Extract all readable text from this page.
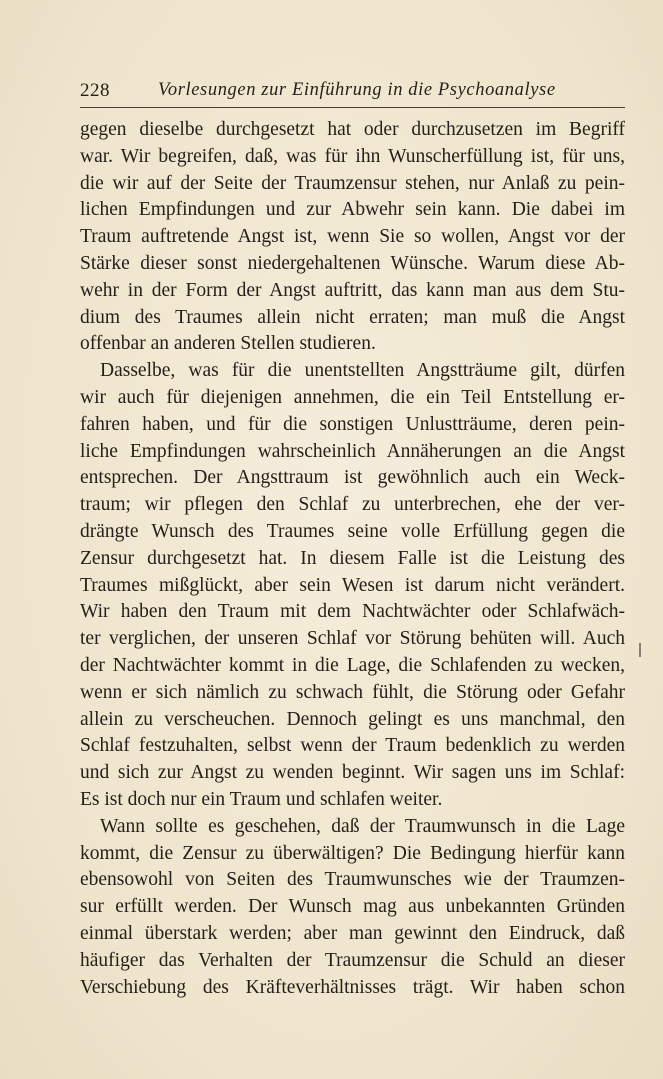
228	Vorlesungen zur Einführung in die Psychoanalyse
gegen dieselbe durchgesetzt hat oder durchzusetzen im Begriff
war. Wir begreifen, daß, was für ihn Wunscherfüllung ist, für uns,
die wir auf der Seite der Traumzensur stehen, nur Anlaß zu pein-
lichen Empfindungen und zur Abwehr sein kann. Die dabei im
Traum auftretende Angst ist, wenn Sie so wollen, Angst vor der
Stärke dieser sonst niedergehaltenen Wünsche. Warum diese Ab-
wehr in der Form der Angst auftritt, das kann man aus dem Stu-
dium des Traumes allein nicht erraten; man muß die Angst
offenbar an anderen Stellen studieren.
Dasselbe, was für die unentstellten Angstträume gilt, dürfen
wir auch für diejenigen annehmen, die ein Teil Entstellung er-
fahren haben, und für die sonstigen Unlustträume, deren pein-
liche Empfindungen wahrscheinlich Annäherungen an die Angst
entsprechen. Der Angsttraum ist gewöhnlich auch ein Weck-
traum; wir pflegen den Schlaf zu unterbrechen, ehe der ver-
drängte Wunsch des Traumes seine volle Erfüllung gegen die
Zensur durchgesetzt hat. In diesem Falle ist die Leistung des
Traumes mißglückt, aber sein Wesen ist darum nicht verändert.
Wir haben den Traum mit dem Nachtwächter oder Schlafwäch-
ter verglichen, der unseren Schlaf vor Störung behüten will. Auch
der Nachtwächter kommt in die Lage, die Schlafenden zu wecken,
wenn er sich nämlich zu schwach fühlt, die Störung oder Gefahr
allein zu verscheuchen. Dennoch gelingt es uns manchmal, den
Schlaf festzuhalten, selbst wenn der Traum bedenklich zu werden
und sich zur Angst zu wenden beginnt. Wir sagen uns im Schlaf:
Es ist doch nur ein Traum und schlafen weiter.
Wann sollte es geschehen, daß der Traumwunsch in die Lage
kommt, die Zensur zu überwältigen? Die Bedingung hierfür kann
ebensowohl von Seiten des Traumwunsches wie der Traumzen-
sur erfüllt werden. Der Wunsch mag aus unbekannten Gründen
einmal überstark werden; aber man gewinnt den Eindruck, daß
häufiger das Verhalten der Traumzensur die Schuld an dieser
Verschiebung des Kräfteverhältnisses trägt. Wir haben schon
